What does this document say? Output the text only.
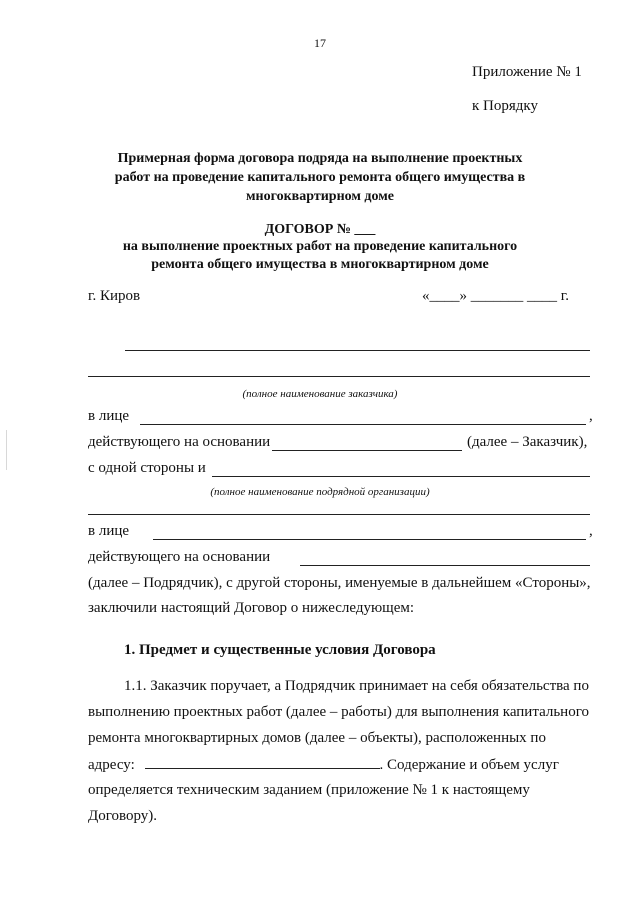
17
Приложение № 1
к Порядку
Примерная форма договора подряда на выполнение проектных
работ на проведение капитального ремонта общего имущества в
многоквартирном доме
ДОГОВОР № ___
на выполнение проектных работ на проведение капитального
ремонта общего имущества в многоквартирном доме
г. Киров	«____» _______ ____ г.
(полное наименование заказчика)
в лице	,
действующего на основании	(далее – Заказчик),
с одной стороны и
(полное наименование подрядной организации)
в лице	,
действующего на основании
(далее – Подрядчик), с другой стороны, именуемые в дальнейшем «Стороны»,
заключили настоящий Договор о нижеследующем:
1. Предмет и существенные условия Договора
1.1. Заказчик поручает, а Подрядчик принимает на себя обязательства по
выполнению проектных работ (далее – работы) для выполнения капитального
ремонта многоквартирных домов (далее – объекты), расположенных по
адресу:	. Содержание и объем услуг
определяется техническим заданием (приложение № 1 к настоящему
Договору).
